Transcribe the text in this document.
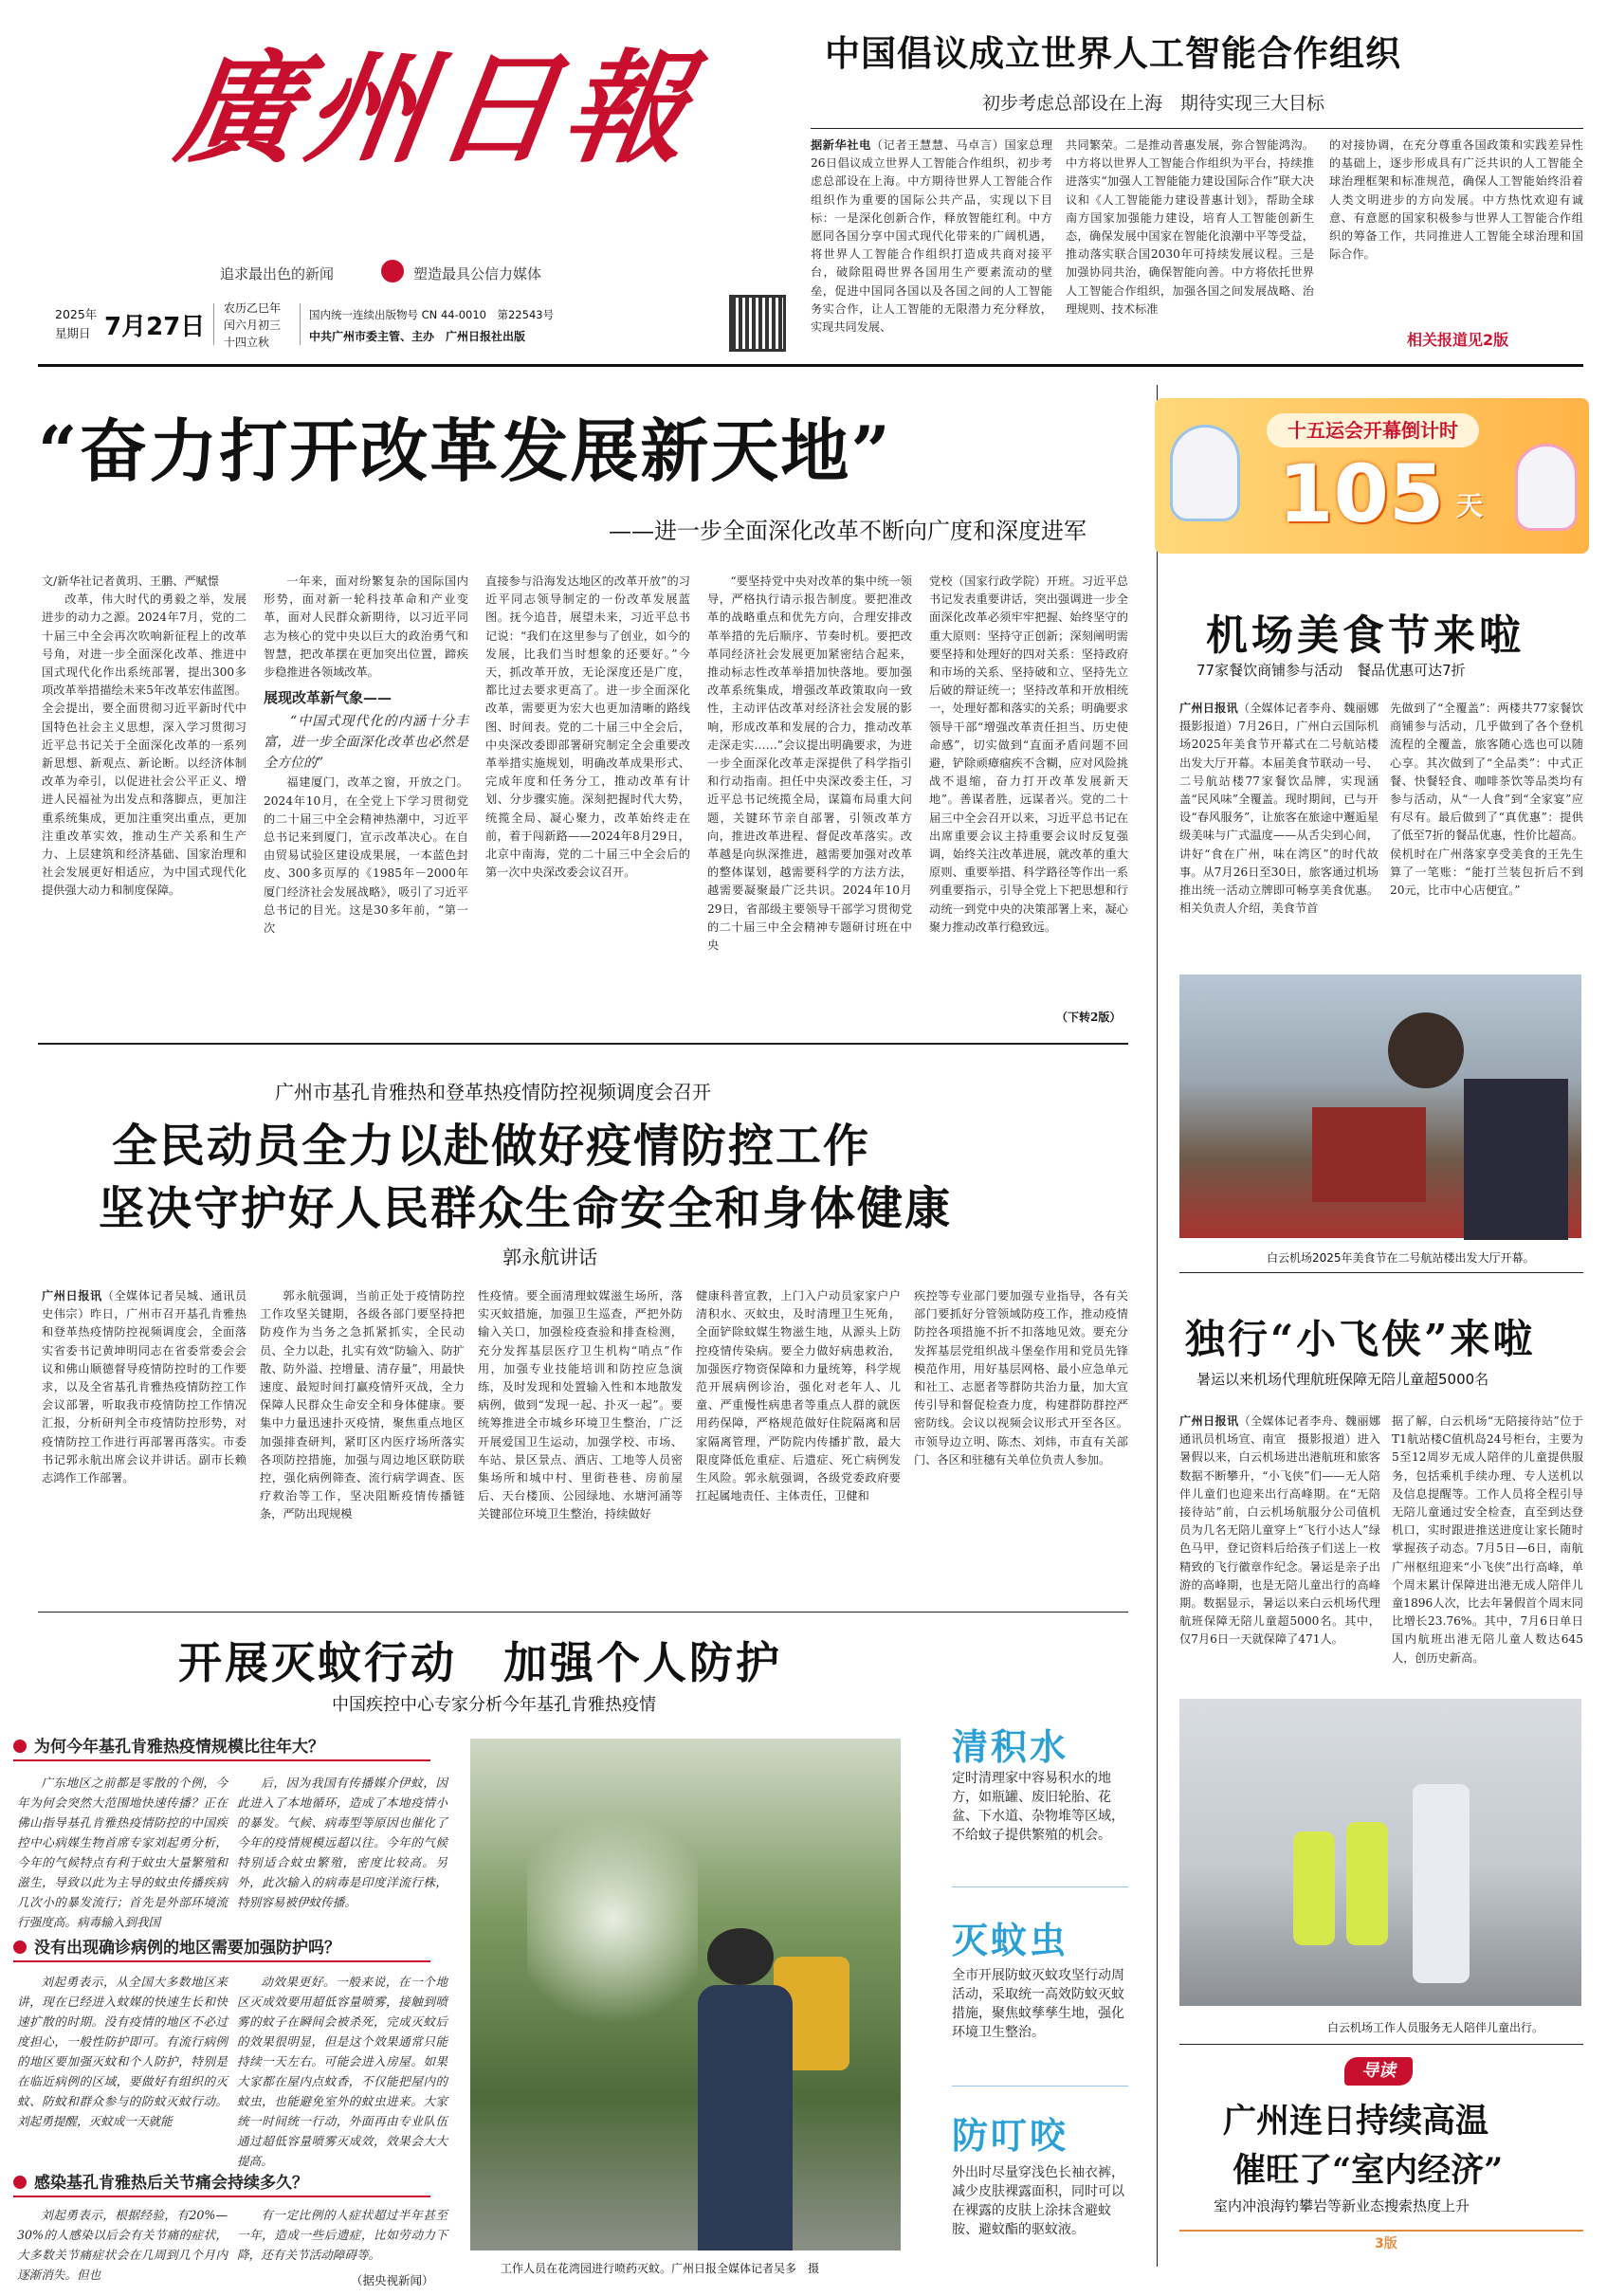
廣州日報
追求最出色的新闻	塑造最具公信力媒体
2025年
星期日 7月27日
农历乙巳年
闰六月初三
十四立秋
国内统一连续出版物号 CN 44-0010　第22543号
中共广州市委主管、主办　广州日报社出版
中国倡议成立世界人工智能合作组织
初步考虑总部设在上海　期待实现三大目标

据新华社电（记者王慧慧、马卓言）国家总理26日倡议成立世界人工智能合作组织，初步考虑总部设在上海。中方期待世界人工智能合作组织作为重要的国际公共产品，实现以下目标：一是深化创新合作，释放智能红利。中方愿同各国分享中国式现代化带来的广阔机遇，将世界人工智能合作组织打造成共商对接平台，破除阻碍世界各国用生产要素流动的壁垒，促进中国同各国以及各国之间的人工智能务实合作，让人工智能的无限潜力充分释放，实现共同发展、

共同繁荣。二是推动普惠发展，弥合智能鸿沟。中方将以世界人工智能合作组织为平台，持续推进落实“加强人工智能能力建设国际合作”联大决议和《人工智能能力建设普惠计划》，帮助全球南方国家加强能力建设，培育人工智能创新生态，确保发展中国家在智能化浪潮中平等受益，推动落实联合国2030年可持续发展议程。三是加强协同共治，确保智能向善。中方将依托世界人工智能合作组织，加强各国之间发展战略、治理规则、技术标准

的对接协调，在充分尊重各国政策和实践差异性的基础上，逐步形成具有广泛共识的人工智能全球治理框架和标准规范，确保人工智能始终沿着人类文明进步的方向发展。中方热忱欢迎有诚意、有意愿的国家积极参与世界人工智能合作组织的筹备工作，共同推进人工智能全球治理和国际合作。

相关报道见2版
“奋力打开改革发展新天地”
——进一步全面深化改革不断向广度和深度进军

文/新华社记者黄玥、王鹏、严赋憬

改革，伟大时代的勇毅之举，发展进步的动力之源。2024年7月，党的二十届三中全会再次吹响新征程上的改革号角，对进一步全面深化改革、推进中国式现代化作出系统部署，提出300多项改革举措描绘未来5年改革宏伟蓝图。全会提出，要全面贯彻习近平新时代中国特色社会主义思想，深入学习贯彻习近平总书记关于全面深化改革的一系列新思想、新观点、新论断。以经济体制改革为牵引，以促进社会公平正义、增进人民福祉为出发点和落脚点，更加注重系统集成，更加注重突出重点，更加注重改革实效，推动生产关系和生产力、上层建筑和经济基础、国家治理和社会发展更好相适应，为中国式现代化提供强大动力和制度保障。

一年来，面对纷繁复杂的国际国内形势，面对新一轮科技革命和产业变革，面对人民群众新期待，以习近平同志为核心的党中央以巨大的政治勇气和智慧，把改革摆在更加突出位置，蹄疾步稳推进各领域改革。

展现改革新气象——

“中国式现代化的内涵十分丰富，进一步全面深化改革也必然是全方位的”

福建厦门，改革之窗，开放之门。2024年10月，在全党上下学习贯彻党的二十届三中全会精神热潮中，习近平总书记来到厦门，宣示改革决心。在自由贸易试验区建设成果展，一本蓝色封皮、300多页厚的《1985年－2000年厦门经济社会发展战略》，吸引了习近平总书记的目光。这是30多年前，“第一次

直接参与沿海发达地区的改革开放”的习近平同志领导制定的一份改革发展蓝图。抚今追昔，展望未来，习近平总书记说：“我们在这里参与了创业，如今的发展，比我们当时想象的还要好。”今天，抓改革开放，无论深度还是广度，都比过去要求更高了。进一步全面深化改革，需要更为宏大也更加清晰的路线图、时间表。党的二十届三中全会后，中央深改委即部署研究制定全会重要改革举措实施规划，明确改革成果形式、完成年度和任务分工，推动改革有计划、分步骤实施。深刻把握时代大势，统揽全局、凝心聚力，改革始终走在前，着于闯新路——2024年8月29日，北京中南海，党的二十届三中全会后的第一次中央深改委会议召开。

“要坚持党中央对改革的集中统一领导，严格执行请示报告制度。要把准改革的战略重点和优先方向，合理安排改革举措的先后顺序、节奏时机。要把改革同经济社会发展更加紧密结合起来，推动标志性改革举措加快落地。要加强改革系统集成，增强改革政策取向一致性，主动评估改革对经济社会发展的影响，形成改革和发展的合力，推动改革走深走实……”会议提出明确要求，为进一步全面深化改革走深提供了科学指引和行动指南。担任中央深改委主任，习近平总书记统揽全局，谋篇布局重大问题，关键环节亲自部署，引领改革方向，推进改革进程、督促改革落实。改革越是向纵深推进，越需要加强对改革的整体谋划，越需要科学的方法方法，越需要凝聚最广泛共识。2024年10月29日，省部级主要领导干部学习贯彻党的二十届三中全会精神专题研讨班在中央

党校（国家行政学院）开班。习近平总书记发表重要讲话，突出强调进一步全面深化改革必须牢牢把握、始终坚守的重大原则：坚持守正创新；深刻阐明需要坚持和处理好的四对关系：坚持政府和市场的关系、坚持破和立、坚持先立后破的辩证统一；坚持改革和开放相统一，处理好都和落实的关系；明确要求领导干部“增强改革责任担当、历史使命感”，切实做到“直面矛盾问题不回避，铲除顽瘴痼疾不含糊，应对风险挑战不退缩，奋力打开改革发展新天地”。善谋者胜，远谋者兴。党的二十届三中全会召开以来，习近平总书记在出席重要会议主持重要会议时反复强调，始终关注改革进展，就改革的重大原则、重要举措、科学路径等作出一系列重要指示，引导全党上下把思想和行动统一到党中央的决策部署上来，凝心聚力推动改革行稳致远。

（下转2版）
十五运会开幕倒计时
105 天
机场美食节来啦
77家餐饮商铺参与活动　餐品优惠可达7折

广州日报讯（全媒体记者李舟、魏丽娜　摄影报道）7月26日，广州白云国际机场2025年美食节开幕式在二号航站楼出发大厅开幕。本届美食节联动一号、二号航站楼77家餐饮品牌，实现涵盖“民风味”全覆盖。现时期间，已与开设“春风服务”，让旅客在旅途中邂逅星级美味与广式温度——从舌尖到心间，讲好“食在广州，味在湾区”的时代故事。从7月26日至30日，旅客通过机场推出统一活动立牌即可畅享美食优惠。相关负责人介绍，美食节首

先做到了“全覆盖”：两楼共77家餐饮商铺参与活动，几乎做到了各个登机流程的全覆盖，旅客随心选也可以随心享。其次做到了“全品类”：中式正餐、快餐轻食、咖啡茶饮等品类均有参与活动，从“一人食”到“全家宴”应有尽有。最后做到了“真优惠”：提供了低至7折的餐品优惠，性价比超高。侯机时在广州落家享受美食的王先生算了一笔账：“能打兰装包折后不到20元，比市中心店便宜。”

白云机场2025年美食节在二号航站楼出发大厅开幕。
独行“小飞侠”来啦
暑运以来机场代理航班保障无陪儿童超5000名

广州日报讯（全媒体记者李舟、魏丽娜　通讯员机场宣、南宣　摄影报道）进入暑假以来，白云机场进出港航班和旅客数据不断攀升，“小飞侠”们——无人陪伴儿童们也迎来出行高峰期。在“无陪接待站”前，白云机场航服分公司值机员为几名无陪儿童穿上“飞行小达人”绿色马甲，登记资料后给孩子们送上一枚精致的飞行徽章作纪念。暑运是亲子出游的高峰期，也是无陪儿童出行的高峰期。数据显示，暑运以来白云机场代理航班保障无陪儿童超5000名。其中，仅7月6日一天就保障了471人。

据了解，白云机场“无陪接待站”位于T1航站楼C值机岛24号柜台，主要为5至12周岁无成人陪伴的儿童提供服务，包括乘机手续办理、专人送机以及信息提醒等。工作人员将全程引导无陪儿童通过安全检查，直至到达登机口，实时跟进推送进度让家长随时掌握孩子动态。7月5日—6日，南航广州枢纽迎来“小飞侠”出行高峰，单个周末累计保障进出港无成人陪伴儿童1896人次，比去年暑假首个周末同比增长23.76%。其中，7月6日单日国内航班出港无陪儿童人数达645人，创历史新高。

白云机场工作人员服务无人陪伴儿童出行。
导读
广州连日持续高温
催旺了“室内经济”
室内冲浪海钓攀岩等新业态搜索热度上升
3版
广州市基孔肯雅热和登革热疫情防控视频调度会召开
全民动员全力以赴做好疫情防控工作
坚决守护好人民群众生命安全和身体健康
郭永航讲话

广州日报讯（全媒体记者吴城、通讯员史伟宗）昨日，广州市召开基孔肯雅热和登革热疫情防控视频调度会，全面落实省委书记黄坤明同志在省委常委会会议和佛山顺德督导疫情防控时的工作要求，以及全省基孔肯雅热疫情防控工作会议部署，听取我市疫情防控工作情况汇报，分析研判全市疫情防控形势，对疫情防控工作进行再部署再落实。市委书记郭永航出席会议并讲话。副市长赖志鸿作工作部署。

郭永航强调，当前正处于疫情防控工作攻坚关键期，各级各部门要坚持把防疫作为当务之急抓紧抓实，全民动员、全力以赴，扎实有效“防输入、防扩散、防外溢、控增量、清存量”，用最快速度、最短时间打赢疫情歼灭战，全力保障人民群众生命安全和身体健康。要集中力量迅速扑灭疫情，聚焦重点地区加强排查研判，紧盯区内医疗场所落实各项防控措施，加强与周边地区联防联控，强化病例筛查、流行病学调查、医疗救治等工作，坚决阻断疫情传播链条，严防出现规模

性疫情。要全面清理蚊媒滋生场所，落实灭蚊措施，加强卫生巡查，严把外防输入关口，加强检疫查验和排查检测，充分发挥基层医疗卫生机构“哨点”作用，加强专业技能培训和防控应急演练，及时发现和处置输入性和本地散发病例，做到“发现一起、扑灭一起”。要统筹推进全市城乡环境卫生整治，广泛开展爱国卫生运动，加强学校、市场、车站、景区景点、酒店、工地等人员密集场所和城中村、里街巷巷、房前屋后、天台楼顶、公园绿地、水塘河涌等关键部位环境卫生整治，持续做好

健康科普宣教，上门入户动员家家户户清积水、灭蚊虫，及时清理卫生死角，全面铲除蚊媒生物滋生地，从源头上防控疫情传染病。要全力做好病患救治，加强医疗物资保障和力量统筹，科学规范开展病例诊治，强化对老年人、儿童、严重慢性病患者等重点人群的就医用药保障，严格规范做好住院隔离和居家隔离管理，严防院内传播扩散，最大限度降低危重症、后遗症、死亡病例发生风险。郭永航强调，各级党委政府要扛起属地责任、主体责任，卫健和

疾控等专业部门要加强专业指导，各有关部门要抓好分管领域防疫工作，推动疫情防控各项措施不折不扣落地见效。要充分发挥基层党组织战斗堡垒作用和党员先锋模范作用，用好基层网格、最小应急单元和社工、志愿者等群防共治力量，加大宣传引导和督促检查力度，构建群防群控严密防线。会议以视频会议形式开至各区。市领导边立明、陈杰、刘炜，市直有关部门、各区和驻穗有关单位负责人参加。

开展灭蚊行动　加强个人防护
中国疾控中心专家分析今年基孔肯雅热疫情
为何今年基孔肯雅热疫情规模比往年大？

广东地区之前都是零散的个例，今年为何会突然大范围地快速传播？正在佛山指导基孔肯雅热疫情防控的中国疾控中心病媒生物首席专家刘起勇分析，今年的气候特点有利于蚊虫大量繁殖和滋生，导致以此为主导的蚊虫传播疾病几次小的暴发流行；首先是外部环境流行强度高。病毒输入到我国

后，因为我国有传播媒介伊蚊，因此进入了本地循环，造成了本地疫情小的暴发。气候、病毒型等原因也催化了今年的疫情规模远超以往。今年的气候特别适合蚊虫繁殖，密度比较高。另外，此次输入的病毒是印度洋流行株，特别容易被伊蚊传播。

没有出现确诊病例的地区需要加强防护吗？

刘起勇表示，从全国大多数地区来讲，现在已经进入蚊媒的快速生长和快速扩散的时期。没有疫情的地区不必过度担心，一般性防护即可。有流行病例的地区要加强灭蚊和个人防护，特别是在临近病例的区域，要做好有组织的灭蚊、防蚊和群众参与的防蚊灭蚊行动。刘起勇提醒，灭蚊成一天就能

动效果更好。一般来说，在一个地区灭成效要用超低容量喷雾，接触到喷雾的蚊子在瞬间会被杀死，完成灭蚊后的效果很明显，但是这个效果通常只能持续一天左右。可能会进入房屋。如果大家都在屋内点蚊香，不仅能把屋内的蚊虫，也能避免室外的蚊虫进来。大家统一时间统一行动，外面再由专业队伍通过超低容量喷雾灭成效，效果会大大提高。

感染基孔肯雅热后关节痛会持续多久？

刘起勇表示，根据经验，有20%—30%的人感染以后会有关节痛的症状，大多数关节痛症状会在几周到几个月内逐渐消失。但也

有一定比例的人症状超过半年甚至一年，造成一些后遗症，比如劳动力下降，还有关节活动障碍等。

（据央视新闻）
工作人员在花湾园进行喷药灭蚊。广州日报全媒体记者吴多　摄
清积水
定时清理家中容易积水的地方，如瓶罐、废旧轮胎、花盆、下水道、杂物堆等区域，不给蚊子提供繁殖的机会。
灭蚊虫
全市开展防蚊灭蚊攻坚行动周活动，采取统一高效防蚊灭蚊措施，聚焦蚊孳孳生地，强化环境卫生整治。
防叮咬
外出时尽量穿浅色长袖衣裤，减少皮肤裸露面积，同时可以在裸露的皮肤上涂抹含避蚊胺、避蚊酯的驱蚊液。
